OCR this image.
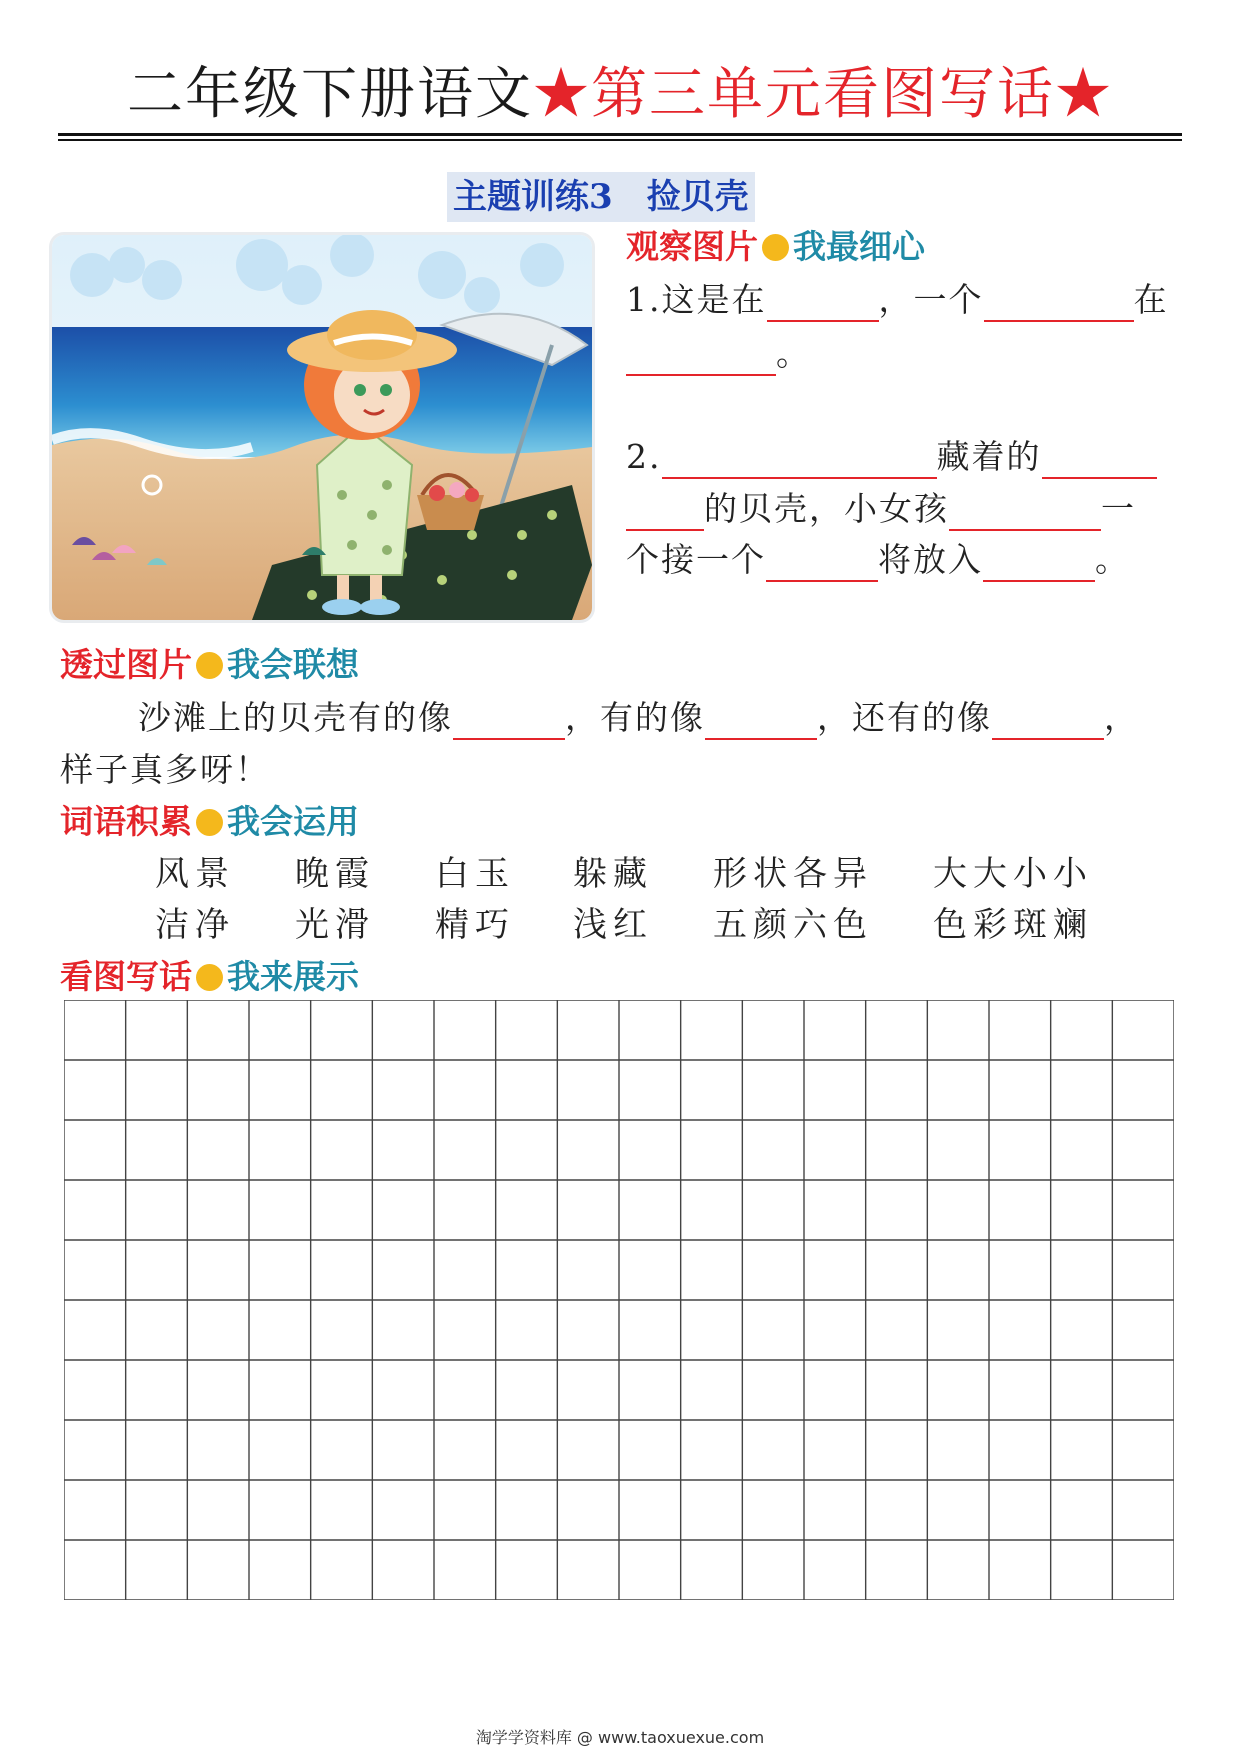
二年级下册语文★第三单元看图写话★
主题训练3　捡贝壳
观察图片 我最细心
1.这是在	，一个	在
。
2.	藏着的
的贝壳，小女孩	一
个接一个	将放入	。
透过图片 我会联想
沙滩上的贝壳有的像	，有的像	，还有的像	，
样子真多呀！
词语积累 我会运用
风景 晚霞 白玉 躲藏 形状各异 大大小小
洁净 光滑 精巧 浅红 五颜六色 色彩斑斓
看图写话 我来展示
淘学学资料库 @ www.taoxuexue.com
